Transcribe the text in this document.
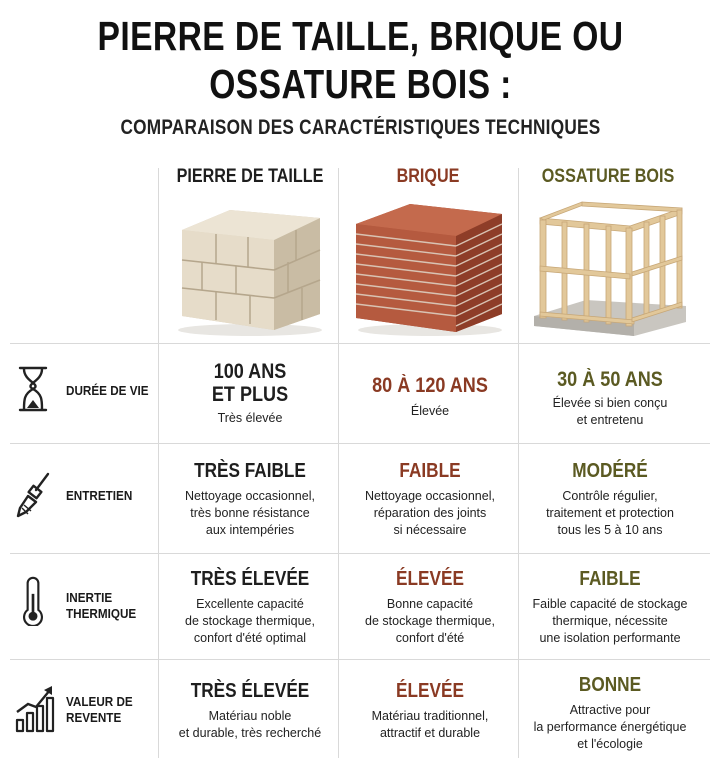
PIERRE DE TAILLE, BRIQUE OU
OSSATURE BOIS :
COMPARAISON DES CARACTÉRISTIQUES TECHNIQUES
PIERRE DE TAILLE	BRIQUE	OSSATURE BOIS
DURÉE DE VIE
100 ANS
ET PLUS
Très élevée
80 À 120 ANS
Élevée
30 À 50 ANS
Élevée si bien conçu
et entretenu
ENTRETIEN
TRÈS FAIBLE
Nettoyage occasionnel,
très bonne résistance
aux intempéries
FAIBLE
Nettoyage occasionnel,
réparation des joints
si nécessaire
MODÉRÉ
Contrôle régulier,
traitement et protection
tous les 5 à 10 ans
INERTIE
THERMIQUE
TRÈS ÉLEVÉE
Excellente capacité
de stockage thermique,
confort d'été optimal
ÉLEVÉE
Bonne capacité
de stockage thermique,
confort d'été
FAIBLE
Faible capacité de stockage
thermique, nécessite
une isolation performante
VALEUR DE
REVENTE
TRÈS ÉLEVÉE
Matériau noble
et durable, très recherché
ÉLEVÉE
Matériau traditionnel,
attractif et durable
BONNE
Attractive pour
la performance énergétique
et l'écologie
